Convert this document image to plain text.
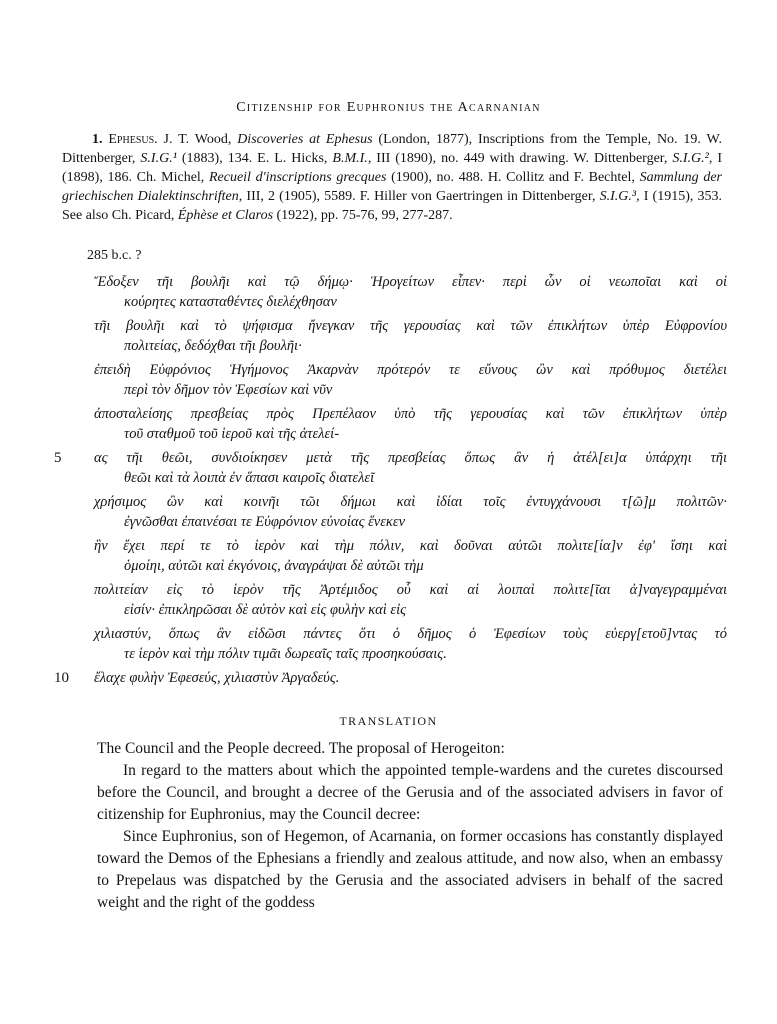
Citizenship for Euphronius the Acarnanian
1. Ephesus. J. T. Wood, Discoveries at Ephesus (London, 1877), Inscriptions from the Temple, No. 19. W. Dittenberger, S.I.G.¹ (1883), 134. E. L. Hicks, B.M.I., III (1890), no. 449 with drawing. W. Dittenberger, S.I.G.², I (1898), 186. Ch. Michel, Recueil d'inscriptions grecques (1900), no. 488. H. Collitz and F. Bechtel, Sammlung der griechischen Dialektinschriften, III, 2 (1905), 5589. F. Hiller von Gaertringen in Dittenberger, S.I.G.³, I (1915), 353. See also Ch. Picard, Éphèse et Claros (1922), pp. 75-76, 99, 277-287.
285 b.c. ?
Ἔδοξεν τῆι βουλῆι καὶ τῷ δήμῳ· Ἡρογείτων εἶπεν· περὶ ὧν οἱ νεωποῖαι καὶ οἱ
κούρητες κατασταθέντες διελέχθησαν
τῆι βουλῆι καὶ τὸ ψήφισμα ἤνεγκαν τῆς γερουσίας καὶ τῶν ἐπικλήτων ὑπὲρ Εὐφρονίου
πολιτείας, δεδόχθαι τῆι βουλῆι·
ἐπειδὴ Εὐφρόνιος Ἡγήμονος Ἀκαρνὰν πρότερόν τε εὔνους ὢν καὶ πρόθυμος διετέλει
περὶ τὸν δῆμον τὸν Ἐφεσίων καὶ νῦν
ἀποσταλείσης πρεσβείας πρὸς Πρεπέλαον ὑπὸ τῆς γερουσίας καὶ τῶν ἐπικλήτων ὑπὲρ
τοῦ σταθμοῦ τοῦ ἱεροῦ καὶ τῆς ἀτελεί-
5 ας τῆι θεῶι, συνδιοίκησεν μετὰ τῆς πρεσβείας ὅπως ἂν ἡ ἀτέλ[ει]α ὑπάρχηι τῆι
θεῶι καὶ τὰ λοιπὰ ἐν ἅπασι καιροῖς διατελεῖ
χρήσιμος ὢν καὶ κοινῆι τῶι δήμωι καὶ ἰδίαι τοῖς ἐντυγχάνουσι τ[ῶ]μ πολιτῶν·
ἐγνῶσθαι ἐπαινέσαι τε Εὐφρόνιον εὐνοίας ἕνεκεν
ἣν ἔχει περί τε τὸ ἱερὸν καὶ τὴμ πόλιν, καὶ δοῦναι αὐτῶι πολιτε[ία]ν ἐφ' ἴσηι καὶ
ὁμοίηι, αὐτῶι καὶ ἐκγόνοις, ἀναγράψαι δὲ αὐτῶι τὴμ
πολιτείαν εἰς τὸ ἱερὸν τῆς Ἀρτέμιδος οὗ καὶ αἱ λοιπαὶ πολιτε[ῖαι ἀ]ναγεγραμμέναι
εἰσίν· ἐπικληρῶσαι δὲ αὐτὸν καὶ εἰς φυλὴν καὶ εἰς
χιλιαστύν, ὅπως ἂν εἰδῶσι πάντες ὅτι ὁ δῆμος ὁ Ἐφεσίων τοὺς εὐεργ[ετοῦ]ντας τό
τε ἱερὸν καὶ τὴμ πόλιν τιμᾶι δωρεαῖς ταῖς προσηκούσαις.
10 ἔλαχε φυλὴν Ἐφεσεύς, χιλιαστὺν Ἀργαδεύς.
TRANSLATION

The Council and the People decreed. The proposal of Herogeiton:

In regard to the matters about which the appointed temple-wardens and the curetes discoursed before the Council, and brought a decree of the Gerusia and of the associated advisers in favor of citizenship for Euphronius, may the Council decree:

Since Euphronius, son of Hegemon, of Acarnania, on former occasions has constantly displayed toward the Demos of the Ephesians a friendly and zealous attitude, and now also, when an embassy to Prepelaus was dispatched by the Gerusia and the associated advisers in behalf of the sacred weight and the right of the goddess
